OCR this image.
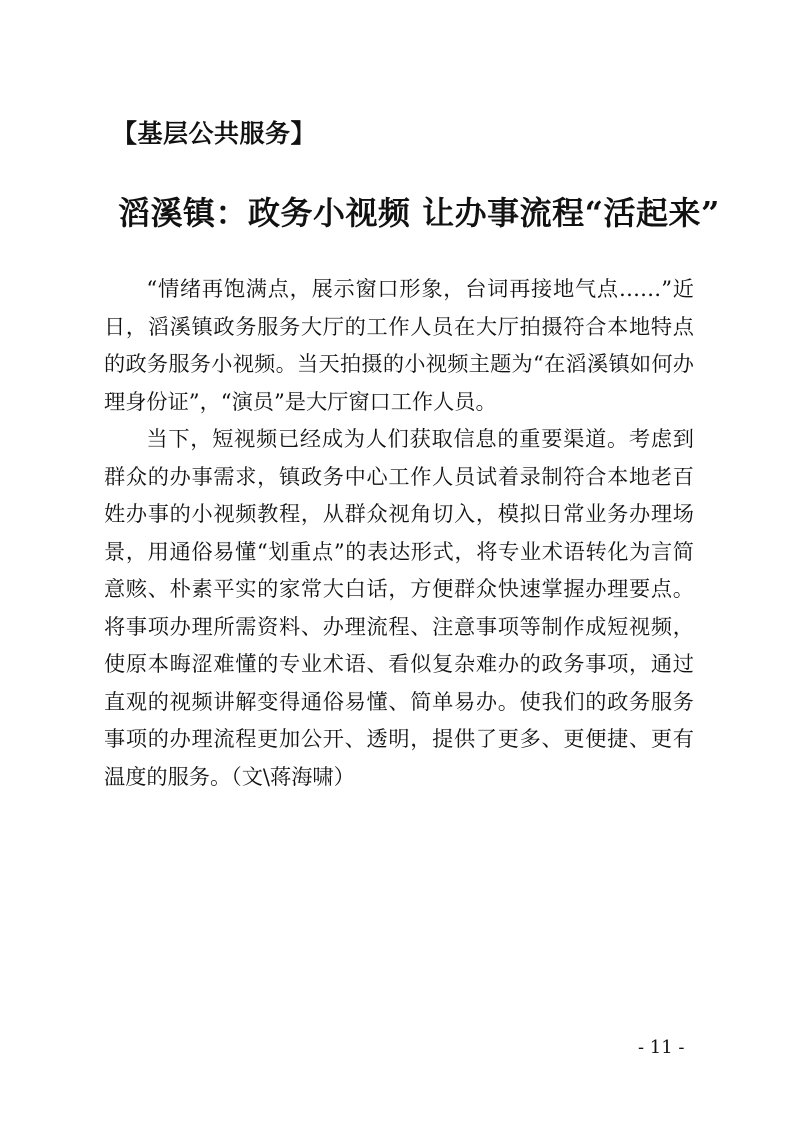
【基层公共服务】
滔溪镇：政务小视频 让办事流程“活起来”

“情绪再饱满点，展示窗口形象，台词再接地气点……”近日，滔溪镇政务服务大厅的工作人员在大厅拍摄符合本地特点的政务服务小视频。当天拍摄的小视频主题为“在滔溪镇如何办理身份证”，“演员”是大厅窗口工作人员。

当下，短视频已经成为人们获取信息的重要渠道。考虑到群众的办事需求，镇政务中心工作人员试着录制符合本地老百姓办事的小视频教程，从群众视角切入，模拟日常业务办理场景，用通俗易懂“划重点”的表达形式，将专业术语转化为言简意赅、朴素平实的家常大白话，方便群众快速掌握办理要点。将事项办理所需资料、办理流程、注意事项等制作成短视频，使原本晦涩难懂的专业术语、看似复杂难办的政务事项，通过直观的视频讲解变得通俗易懂、简单易办。使我们的政务服务事项的办理流程更加公开、透明，提供了更多、更便捷、更有温度的服务。（文\蒋海啸）

- 11 -
